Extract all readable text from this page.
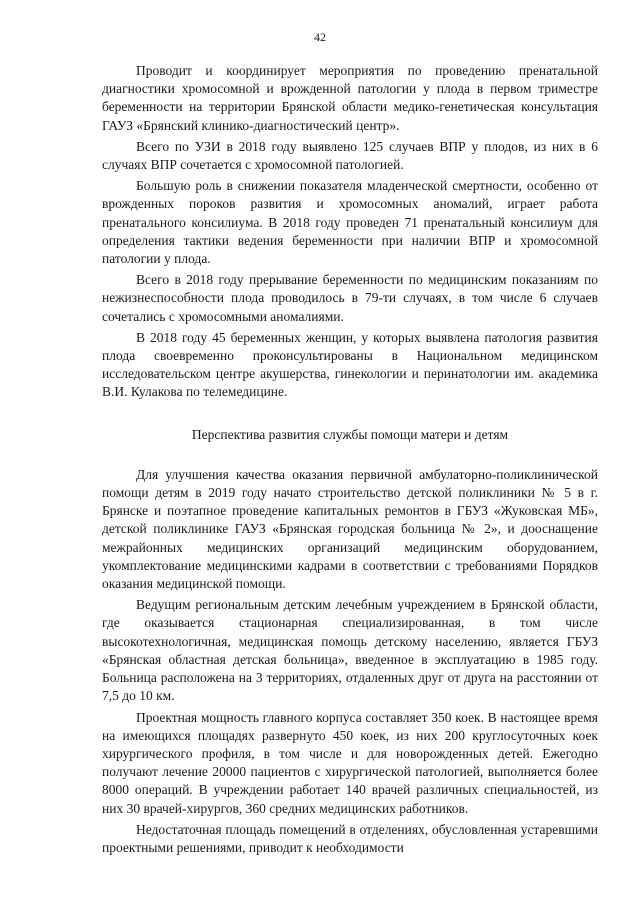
42

Проводит и координирует мероприятия по проведению пренатальной диагностики хромосомной и врожденной патологии у плода в первом триместре беременности на территории Брянской области медико-генетическая консультация ГАУЗ «Брянский клинико-диагностический центр».

Всего по УЗИ в 2018 году выявлено 125 случаев ВПР у плодов, из них в 6 случаях ВПР сочетается с хромосомной патологией.

Большую роль в снижении показателя младенческой смертности, особенно от врожденных пороков развития и хромосомных аномалий, играет работа пренатального консилиума. В 2018 году проведен 71 пренатальный консилиум для определения тактики ведения беременности при наличии ВПР и хромосомной патологии у плода.

Всего в 2018 году прерывание беременности по медицинским показаниям по нежизнеспособности плода проводилось в 79-ти случаях, в том числе 6 случаев сочетались с хромосомными аномалиями.

В 2018 году 45 беременных женщин, у которых выявлена патология развития плода своевременно проконсультированы в Национальном медицинском исследовательском центре акушерства, гинекологии и перинатологии им. академика В.И. Кулакова по телемедицине.

Перспектива развития службы помощи матери и детям

Для улучшения качества оказания первичной амбулаторно-поликлинической помощи детям в 2019 году начато строительство детской поликлиники № 5 в г. Брянске и поэтапное проведение капитальных ремонтов в ГБУЗ «Жуковская МБ», детской поликлинике ГАУЗ «Брянская городская больница № 2», и дооснащение межрайонных медицинских организаций медицинским оборудованием, укомплектование медицинскими кадрами в соответствии с требованиями Порядков оказания медицинской помощи.

Ведущим региональным детским лечебным учреждением в Брянской области, где оказывается стационарная специализированная, в том числе высокотехнологичная, медицинская помощь детскому населению, является ГБУЗ «Брянская областная детская больница», введенное в эксплуатацию в 1985 году. Больница расположена на 3 территориях, отдаленных друг от друга на расстоянии от 7,5 до 10 км.

Проектная мощность главного корпуса составляет 350 коек. В настоящее время на имеющихся площадях развернуто 450 коек, из них 200 круглосуточных коек хирургического профиля, в том числе и для новорожденных детей. Ежегодно получают лечение 20000 пациентов с хирургической патологией, выполняется более 8000 операций. В учреждении работает 140 врачей различных специальностей, из них 30 врачей-хирургов, 360 средних медицинских работников.

Недостаточная площадь помещений в отделениях, обусловленная устаревшими проектными решениями, приводит к необходимости
